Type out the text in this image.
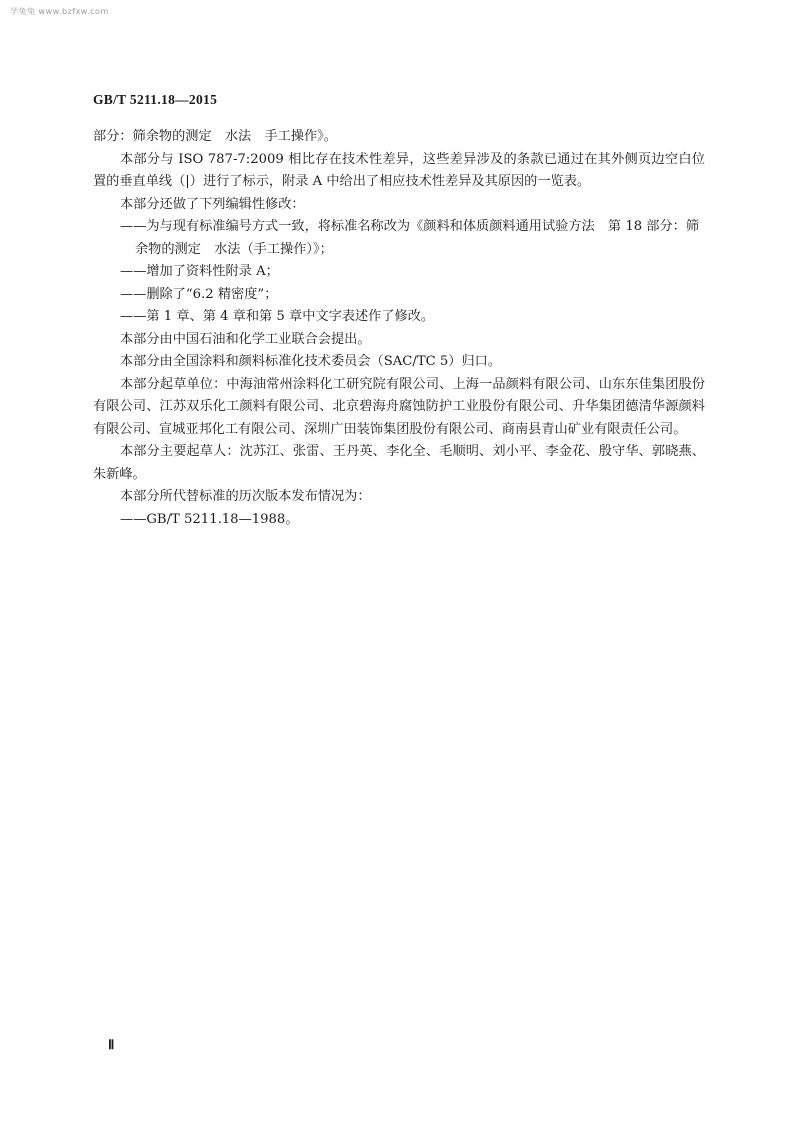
学兔兔 www.bzfxw.com
GB/T 5211.18—2015

部分：筛余物的测定　水法　手工操作》。

本部分与 ISO 787-7:2009 相比存在技术性差异，这些差异涉及的条款已通过在其外侧页边空白位置的垂直单线（|）进行了标示，附录 A 中给出了相应技术性差异及其原因的一览表。

本部分还做了下列编辑性修改：

——为与现有标准编号方式一致，将标准名称改为《颜料和体质颜料通用试验方法　第 18 部分：筛

余物的测定　水法（手工操作）》；

——增加了资料性附录 A；

——删除了“6.2 精密度”；

——第 1 章、第 4 章和第 5 章中文字表述作了修改。

本部分由中国石油和化学工业联合会提出。

本部分由全国涂料和颜料标准化技术委员会（SAC/TC 5）归口。

本部分起草单位：中海油常州涂料化工研究院有限公司、上海一品颜料有限公司、山东东佳集团股份有限公司、江苏双乐化工颜料有限公司、北京碧海舟腐蚀防护工业股份有限公司、升华集团德清华源颜料有限公司、宣城亚邦化工有限公司、深圳广田装饰集团股份有限公司、商南县青山矿业有限责任公司。

本部分主要起草人：沈苏江、张雷、王丹英、李化全、毛顺明、刘小平、李金花、殷守华、郭晓燕、朱新峰。

本部分所代替标准的历次版本发布情况为：

——GB/T 5211.18—1988。

Ⅱ
